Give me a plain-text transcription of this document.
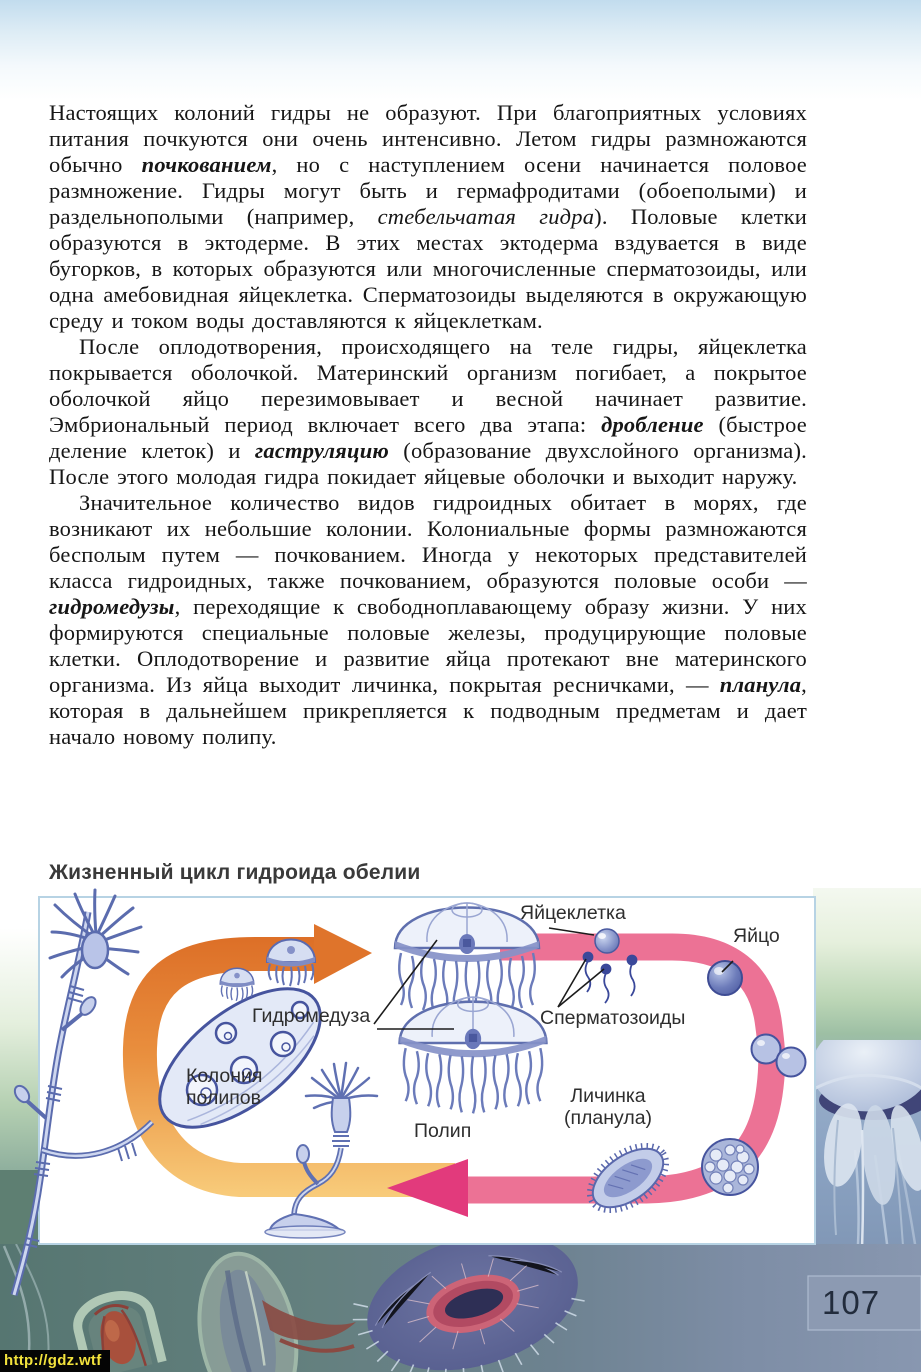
Настоящих колоний гидры не образуют. При благоприятных условиях питания почкуются они очень интенсивно. Летом гидры размножаются обычно почкованием, но с наступлением осени начинается половое размножение. Гидры могут быть и гермафродитами (обоеполыми) и раздельнополыми (например, стебельчатая гидра). Половые клетки образуются в эктодерме. В этих местах эктодерма вздувается в виде бугорков, в которых образуются или многочисленные сперматозоиды, или одна амебовидная яйцеклетка. Сперматозоиды выделяются в окружающую среду и током воды доставляются к яйцеклеткам.

После оплодотворения, происходящего на теле гидры, яйцеклетка покрывается оболочкой. Материнский организм погибает, а покрытое оболочкой яйцо перезимовывает и весной начинает развитие. Эмбриональный период включает всего два этапа: дробление (быстрое деление клеток) и гаструляцию (образование двухслойного организма). После этого молодая гидра покидает яйцевые оболочки и выходит наружу.

Значительное количество видов гидроидных обитает в морях, где возникают их небольшие колонии. Колониальные формы размножаются бесполым путем — почкованием. Иногда у некоторых представителей класса гидроидных, также почкованием, образуются половые особи — гидромедузы, переходящие к свободноплавающему образу жизни. У них формируются специальные половые железы, продуцирующие половые клетки. Оплодотворение и развитие яйца протекают вне материнского организма. Из яйца выходит личинка, покрытая ресничками, — планула, которая в дальнейшем прикрепляется к подводным предметам и дает начало новому полипу.

Жизненный цикл гидроида обелии
Яйцеклетка
Яйцо
Гидромедуза	Сперматозоиды
Колония
полипов	Личинка
(планула)
Полип
107
http://gdz.wtf
